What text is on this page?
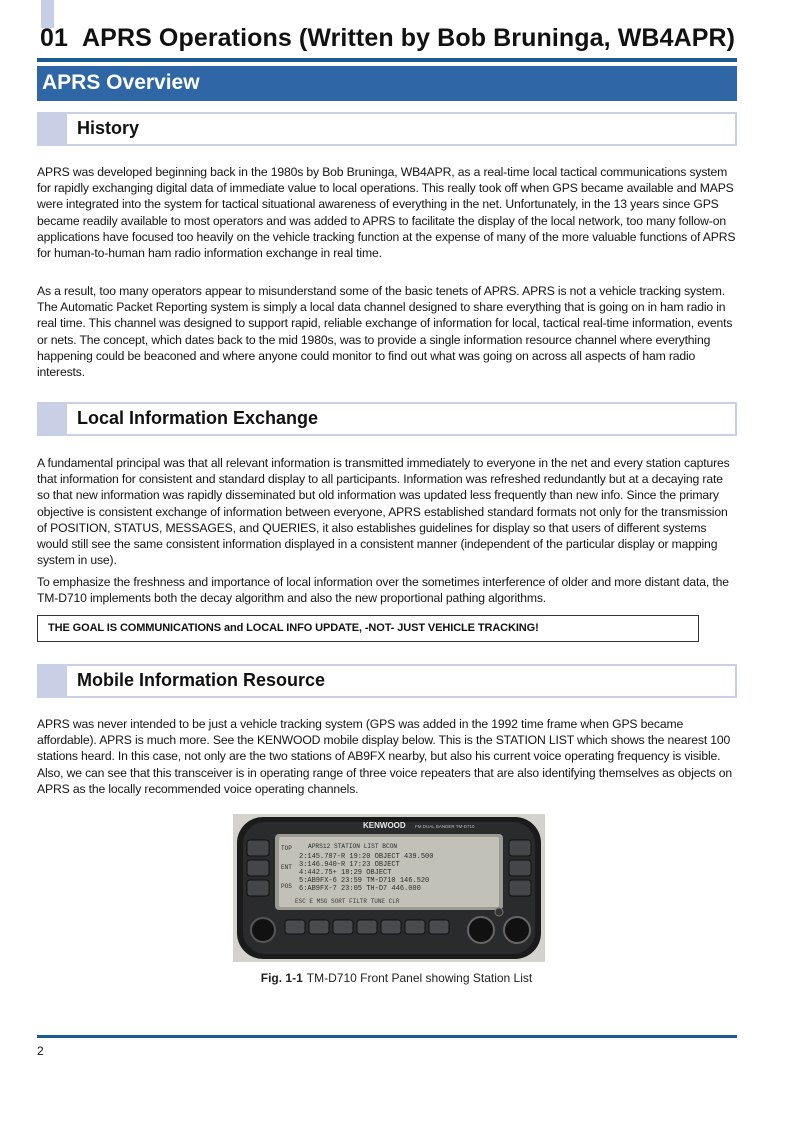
01 APRS Operations (Written by Bob Bruninga, WB4APR)
APRS Overview
History

APRS was developed beginning back in the 1980s by Bob Bruninga, WB4APR, as a real-time local tactical communications system for rapidly exchanging digital data of immediate value to local operations. This really took off when GPS became available and MAPS were integrated into the system for tactical situational awareness of everything in the net. Unfortunately, in the 13 years since GPS became readily available to most operators and was added to APRS to facilitate the display of the local network, too many follow-on applications have focused too heavily on the vehicle tracking function at the expense of many of the more valuable functions of APRS for human-to-human ham radio information exchange in real time.

As a result, too many operators appear to misunderstand some of the basic tenets of APRS. APRS is not a vehicle tracking system. The Automatic Packet Reporting system is simply a local data channel designed to share everything that is going on in ham radio in real time. This channel was designed to support rapid, reliable exchange of information for local, tactical real-time information, events or nets. The concept, which dates back to the mid 1980s, was to provide a single information resource channel where everything happening could be beaconed and where anyone could monitor to find out what was going on across all aspects of ham radio interests.

Local Information Exchange

A fundamental principal was that all relevant information is transmitted immediately to everyone in the net and every station captures that information for consistent and standard display to all participants. Information was refreshed redundantly but at a decaying rate so that new information was rapidly disseminated but old information was updated less frequently than new info. Since the primary objective is consistent exchange of information between everyone, APRS established standard formats not only for the transmission of POSITION, STATUS, MESSAGES, and QUERIES, it also establishes guidelines for display so that users of different systems would still see the same consistent information displayed in a consistent manner (independent of the particular display or mapping system in use).

To emphasize the freshness and importance of local information over the sometimes interference of older and more distant data, the TM-D710 implements both the decay algorithm and also the new proportional pathing algorithms.

THE GOAL IS COMMUNICATIONS and LOCAL INFO UPDATE, -NOT- JUST VEHICLE TRACKING!
Mobile Information Resource

APRS was never intended to be just a vehicle tracking system (GPS was added in the 1992 time frame when GPS became affordable). APRS is much more. See the KENWOOD mobile display below. This is the STATION LIST which shows the nearest 100 stations heard. In this case, not only are the two stations of AB9FX nearby, but also his current voice operating frequency is visible. Also, we can see that this transceiver is in operating range of three voice repeaters that are also identifying themselves as objects on APRS as the locally recommended voice operating channels.

KENWOOD FM DUAL BANDER TM-D710
TOP
ENT
POS
APRS12 STATION LIST BCON
2:145.787-R 19:20 OBJECT 439.500
3:146.940-R 17:23 OBJECT
4:442.75+ 18:29 OBJECT
5:AB9FX-6 23:59 TM-D710 146.520
6:AB9FX-7 23:05 TH-D7 446.000
ESC E MSG SORT FILTR TUNE CLR
Fig. 1-1 TM-D710 Front Panel showing Station List
2
